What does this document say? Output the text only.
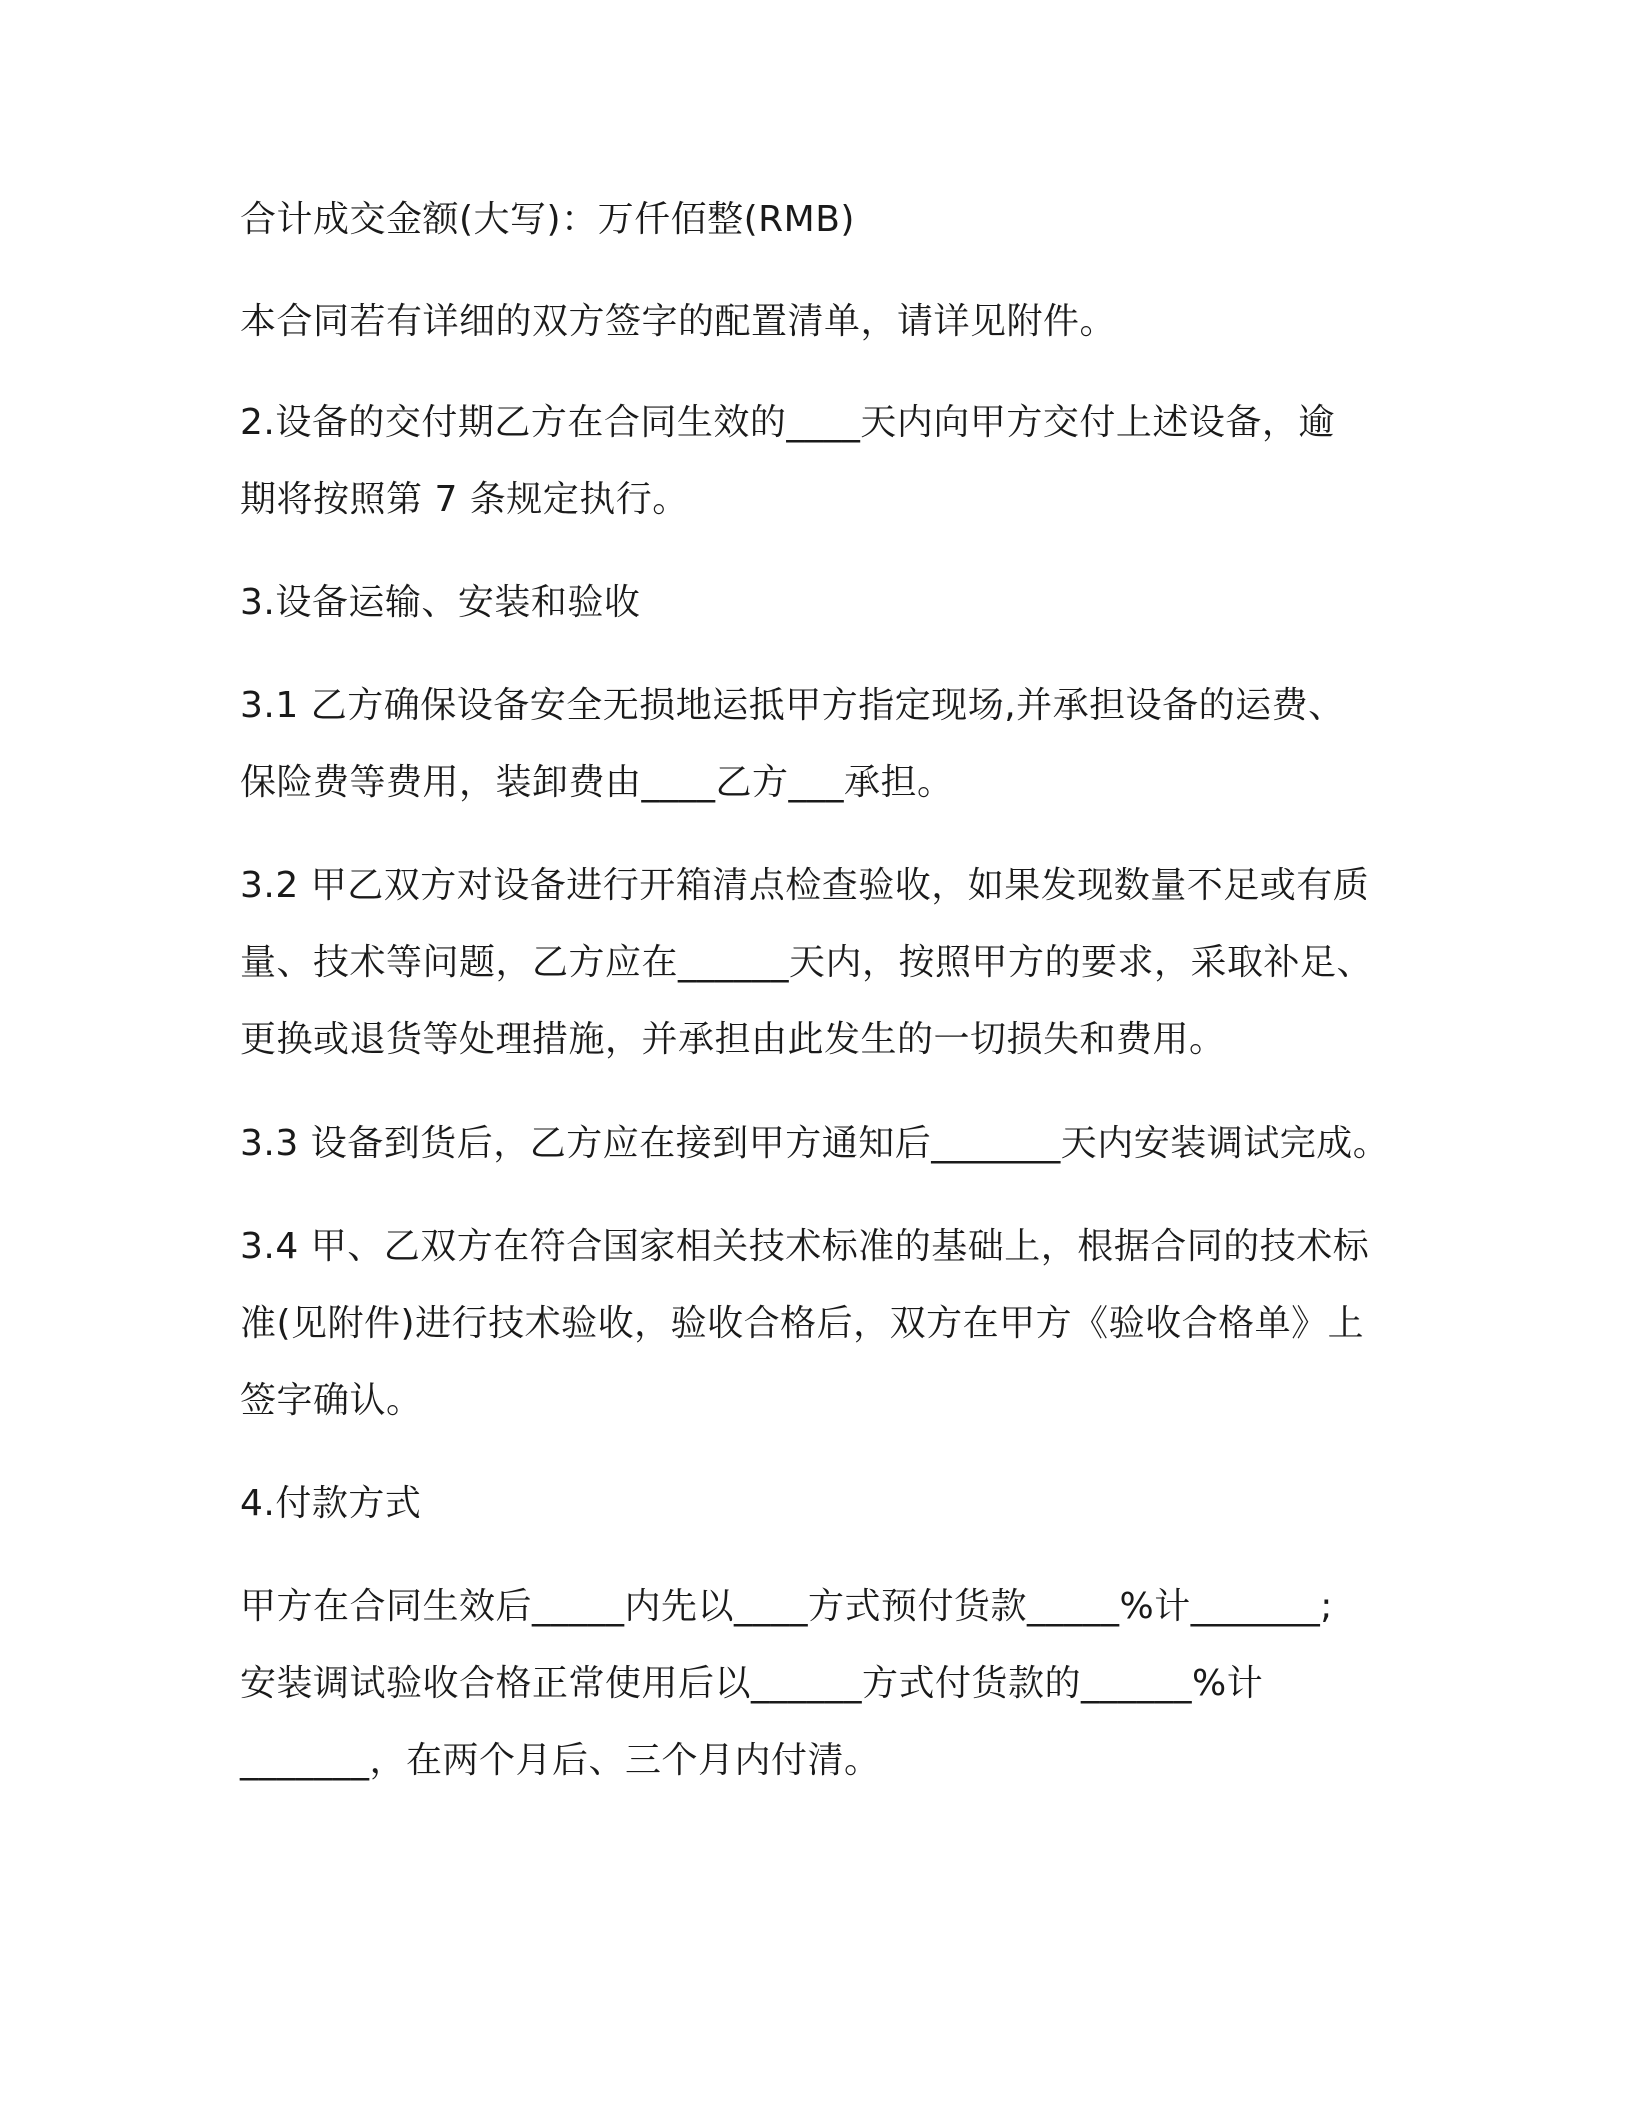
合计成交金额(大写)：万仟佰整(RMB)
本合同若有详细的双方签字的配置清单，请详见附件。
2.设备的交付期乙方在合同生效的____天内向甲方交付上述设备，逾
期将按照第 7 条规定执行。
3.设备运输、安装和验收
3.1 乙方确保设备安全无损地运抵甲方指定现场,并承担设备的运费、
保险费等费用，装卸费由____乙方___承担。
3.2 甲乙双方对设备进行开箱清点检查验收，如果发现数量不足或有质
量、技术等问题，乙方应在______天内，按照甲方的要求，采取补足、
更换或退货等处理措施，并承担由此发生的一切损失和费用。
3.3 设备到货后，乙方应在接到甲方通知后_______天内安装调试完成。
3.4 甲、乙双方在符合国家相关技术标准的基础上，根据合同的技术标
准(见附件)进行技术验收，验收合格后，双方在甲方《验收合格单》上
签字确认。
4.付款方式
甲方在合同生效后_____内先以____方式预付货款_____%计_______;
安装调试验收合格正常使用后以______方式付货款的______%计
_______，在两个月后、三个月内付清。
